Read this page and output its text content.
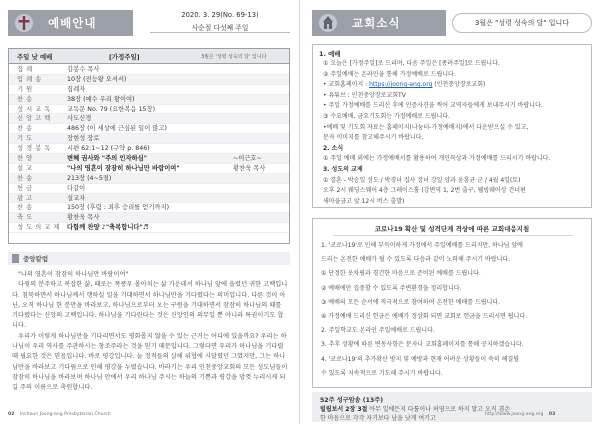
예배안내
2020. 3. 29(No. 69-13)
사순절 다섯째 주일
주일 낮 예배	[가정주일]	3월은 '성령 성숙의 달' 입니다
집 례	김봉수 목사
입 례 송	10장 (전능왕 오셔서)
기 원	집례자
찬 송	38장 (예수 우리 왕이여)
성 시 교 독	교독문 No. 79 (요한복음 15장)
신 앙 고 백	사도신경
찬 송	486장 (이 세상에 근심된 일이 많고)
기 도	장현성 장로
성 경 봉 독	시편 62:1~12 (구약 p. 846)
찬 양	변혜 권사와 "주의 인자하심"	~이근호~
설 교	"나의 영혼이 잠잠히 하나님만 바람이여"	황찬욱 목사
찬 송	213장 (4~5절)
헌 금	다같이
광 고	설교자
찬 송	150장 (후렴 : 죄후 승리를 얻기까지)
축 도	황찬욱 목사
성 도 의 교 제	다함께 찬양 ♪"축복합니다"♬
중앙칼럼

"나의 영혼이 잠잠히 하나님만 바랑이여"

다윗의 분주하고 복잡한 삶, 때로는 폭풍우 몰아치는 삶 가운데서 하나님 앞에 올렸던 귀한 고백입니다. 침묵하면서 하나님께서 행하실 일을 기대하면서 하나님만을 기다렸다는 의미입니다. 다른 것이 아닌, 오직 하나님 한 분만을 바라보고, 하나님으로부터 오는 구원을 기대하면서 잠잠히 하나님의 때를 기다렸다는 신앙의 고백입니다. 하나님을 기다린다는 것은 신앙인의 의무일 뿐 아니라 특권이기도 합니다.

우리가 이렇게 하나님만을 기다리면서도 평화롭지 않을 수 있는 근거는 어디에 있을까요? 우리는 하나님이 우리 역사를 주관하시는 창조주라는 것을 믿기 때문입니다. 그렇다면 우리가 하나님을 기다릴 때 필요한 것은 믿음입니다. 바로 평강입니다. 늘 정적들의 살해 위협에 시달렸던 그였지만, 그는 하나님만을 바라보고 기다림으로 인해 평강을 누렸습니다. 바라기는 우리 인천중앙교회의 모든 성도님들이 잠잠히 하나님을 바라보며 하나님 안에서 우리 하나님 주시는 하늘의 기쁨과 평강을 맘껏 누리시게 되길 주의 이름으로 축원합니다.

02 Incheon Joong-ang Presbyterian Church
교회소식	3월은 "성령 성숙의 달" 입니다
1. 예배
① 오늘은 [가정주일]로 드리며, 다음 주일은 [종려주일]로 드립니다.
② 주일예배는 온라인을 통해 가정예배로 드립니다.
• 교회홈페이지 : https://joong-ang.org (인천중앙장로교회)
• 유튜브 : 인천중앙장로교회TV
• 주일 가정예배를 드리신 후에 인증사진을 찍어 교역자들에게 보내주시기 바랍니다.
③ 수요예배, 금요기도회는 가정예배로 드립니다.
•예배 및 기도회 자료는 홈페이지(나눔터-가정예배지)에서 다운받으실 수 있고,
문자 이미지를 참고해주시기 바랍니다.
2. 소식
① 주일 예배 외에는 가정예배서를 활용하여 개인묵상과 가정예배를 드리시기 바랍니다.
3. 성도의 교제
① 결혼 - 박승일 성도 / 박경녀 집사 장녀 강일 양과 윤흥균 군 / 4월 4일(토)
오후 2시 웨딩스퀘어 4층 그레이스홀 (강변역 1, 2번 출구, 웰빙웨어상 건너편
새마을금고 앞 12시 버스 출발)
코로나19 확산 및 성격단계 격상에 따른 교회대응지침
1. '코로나19'로 인해 부득이하게 가정에서 주일예배를 드리지만, 하나님 앞에
드리는 온전한 예배가 될 수 있도록 다음과 같이 노력해 주시기 바랍니다.
① 단정한 옷차림과 경건한 마음으로 준비된 예배를 드립니다.
② 예배에만 집중할 수 있도록 주변환경을 정리합니다.
③ 예배의 모든 순서에 적극적으로 참여하여 온전한 예배를 드립니다.
④ 가정예배 드리신 헌금은 예배가 정상화 되면 교회로 헌금을 드리시면 됩니다.
2. 주일학교도 온라인 주일예배로 드립니다.
3. 추후 상황에 따른 변동사항은 문자나 교회홈페이지를 통해 공지하겠습니다.
4. '코로나19'의 추가확산 방지 및 예방과 현재 어려운 상황들이 속히 해결될
수 있도록 지속적으로 기도해 주시기 바랍니다.
52주 성구암송 (13주)
빌립보서 2장 3절 아무 일에든지 다툼이나 허영으로 하지 말고 오직 겸손
한 마음으로 각각 자기보다 남을 낫게 여기고
http://www.joong-ang.org 03
